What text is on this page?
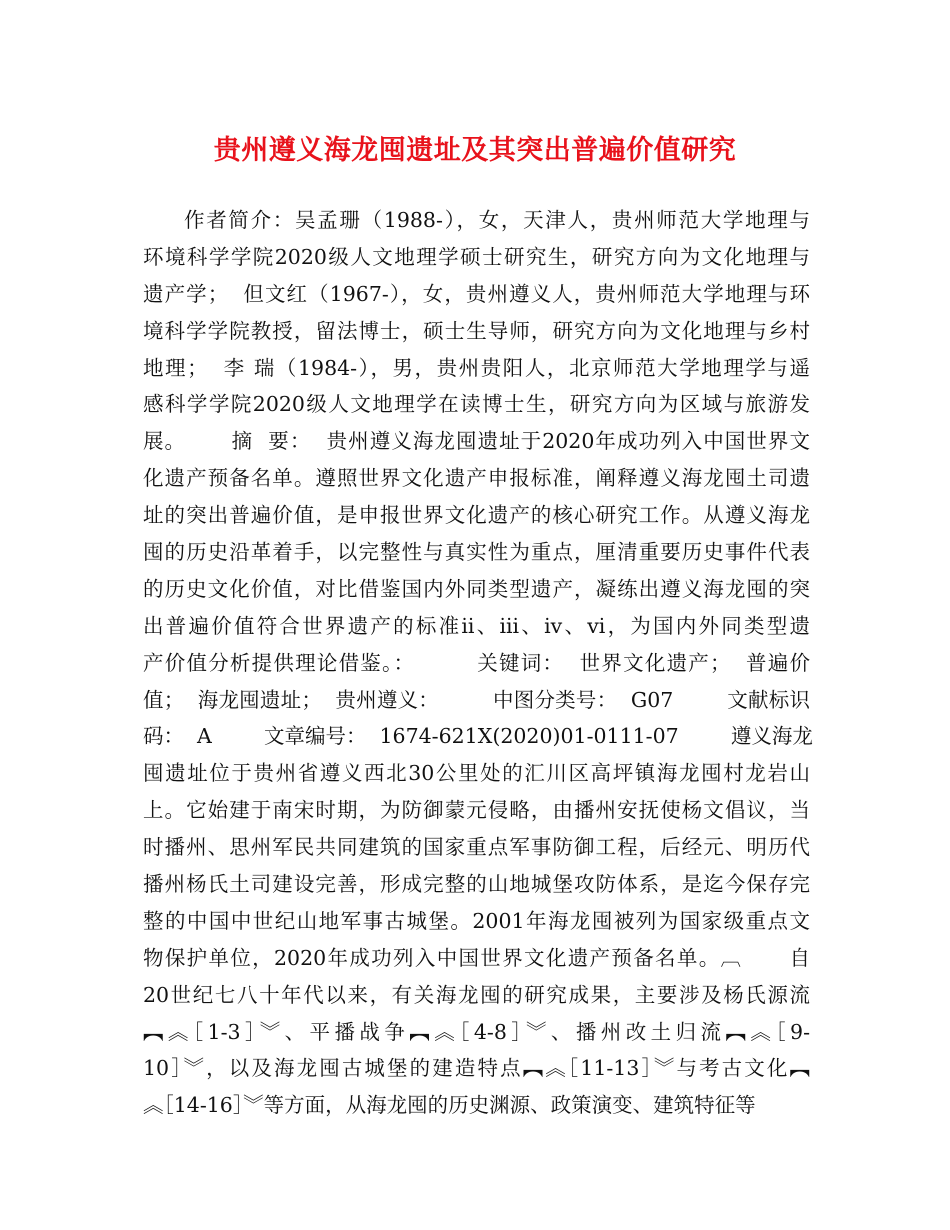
贵州遵义海龙囤遗址及其突出普遍价值研究
作者简介：吴孟珊（1988-），女，天津人，贵州师范大学地理与
环境科学学院2020级人文地理学硕士研究生，研究方向为文化地理与
遗产学；  但文红（1967-），女，贵州遵义人，贵州师范大学地理与环
境科学学院教授，留法博士，硕士生导师，研究方向为文化地理与乡村
地理；  李 瑞（1984-），男，贵州贵阳人，北京师范大学地理学与遥
感科学学院2020级人文地理学在读博士生，研究方向为区域与旅游发
展。      摘  要：  贵州遵义海龙囤遗址于2020年成功列入中国世界文
化遗产预备名单。遵照世界文化遗产申报标准，阐释遵义海龙囤土司遗
址的突出普遍价值，是申报世界文化遗产的核心研究工作。从遵义海龙
囤的历史沿革着手，以完整性与真实性为重点，厘清重要历史事件代表
的历史文化价值，对比借鉴国内外同类型遗产，凝练出遵义海龙囤的突
出普遍价值符合世界遗产的标准ii、iii、iv、vi，为国内外同类型遗
产价值分析提供理论借鉴。：        关键词：  世界文化遗产；  普遍价
值；  海龙囤遗址；  贵州遵义：        中图分类号：  G07        文献标识
码：  A        文章编号：  1674-621X(2020)01-0111-07        遵义海龙
囤遗址位于贵州省遵义西北30公里处的汇川区高坪镇海龙囤村龙岩山
上。它始建于南宋时期，为防御蒙元侵略，由播州安抚使杨文倡议，当
时播州、思州军民共同建筑的国家重点军事防御工程，后经元、明历代
播州杨氏土司建设完善，形成完整的山地城堡攻防体系，是迄今保存完
整的中国中世纪山地军事古城堡。2001年海龙囤被列为国家级重点文
物保护单位，2020年成功列入中国世界文化遗产预备名单。︹      自
20世纪七八十年代以来，有关海龙囤的研究成果，主要涉及杨氏源流
︻︽［1-3］︾、平播战争︻︽［4-8］︾、播州改土归流︻︽［9-
10］︾，以及海龙囤古城堡的建造特点︻︽［11-13］︾与考古文化︻
︽［14-16］︾等方面，从海龙囤的历史渊源、政策演变、建筑特征等
